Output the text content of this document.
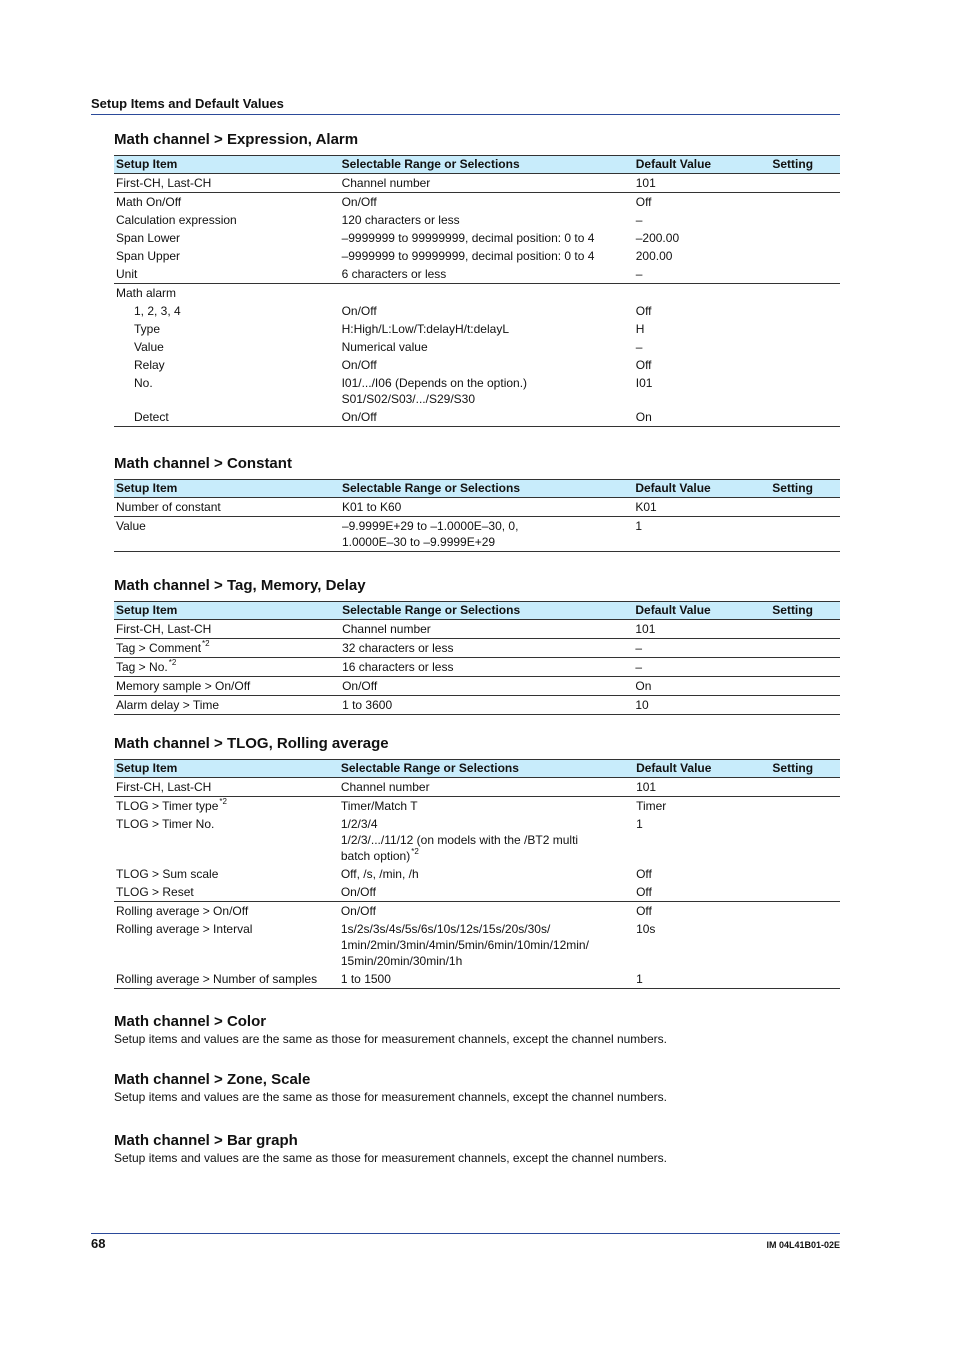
Setup Items and Default Values
Math channel > Expression, Alarm
Setup Item	Selectable Range or Selections	Default Value	Setting
First-CH, Last-CH	Channel number	101	
Math On/Off	On/Off	Off	
Calculation expression	120 characters or less	–	
Span Lower	–9999999 to 99999999, decimal position: 0 to 4	–200.00	
Span Upper	–9999999 to 99999999, decimal position: 0 to 4	200.00	
Unit	6 characters or less	–	
Math alarm			
1, 2, 3, 4	On/Off	Off	
Type	H:High/L:Low/T:delayH/t:delayL	H	
Value	Numerical value	–	
Relay	On/Off	Off	
No.	I01/.../I06 (Depends on the option.)
S01/S02/S03/.../S29/S30	I01	
Detect	On/Off	On	
Math channel > Constant
Setup Item	Selectable Range or Selections	Default Value	Setting
Number of constant	K01 to K60	K01	
Value	–9.9999E+29 to –1.0000E–30, 0,
1.0000E–30 to –9.9999E+29	1	
Math channel > Tag, Memory, Delay
Setup Item	Selectable Range or Selections	Default Value	Setting
First-CH, Last-CH	Channel number	101	
Tag > Comment$^{*2}$	32 characters or less	–	
Tag > No.$^{*2}$	16 characters or less	–	
Memory sample > On/Off	On/Off	On	
Alarm delay > Time	1 to 3600	10	
Math channel > TLOG, Rolling average
Setup Item	Selectable Range or Selections	Default Value	Setting
First-CH, Last-CH	Channel number	101	
TLOG > Timer type$^{*2}$	Timer/Match T	Timer	
TLOG > Timer No.	1/2/3/4
1/2/3/.../11/12 (on models with the /BT2 multi
batch option)$^{*2}$	1	
TLOG > Sum scale	Off, /s, /min, /h	Off	
TLOG > Reset	On/Off	Off	
Rolling average > On/Off	On/Off	Off	
Rolling average > Interval	1s/2s/3s/4s/5s/6s/10s/12s/15s/20s/30s/
1min/2min/3min/4min/5min/6min/10min/12min/
15min/20min/30min/1h	10s	
Rolling average > Number of samples	1 to 1500	1	
Math channel > Color

Setup items and values are the same as those for measurement channels, except the channel numbers.

Math channel > Zone, Scale

Setup items and values are the same as those for measurement channels, except the channel numbers.

Math channel > Bar graph

Setup items and values are the same as those for measurement channels, except the channel numbers.

68	IM 04L41B01-02E
